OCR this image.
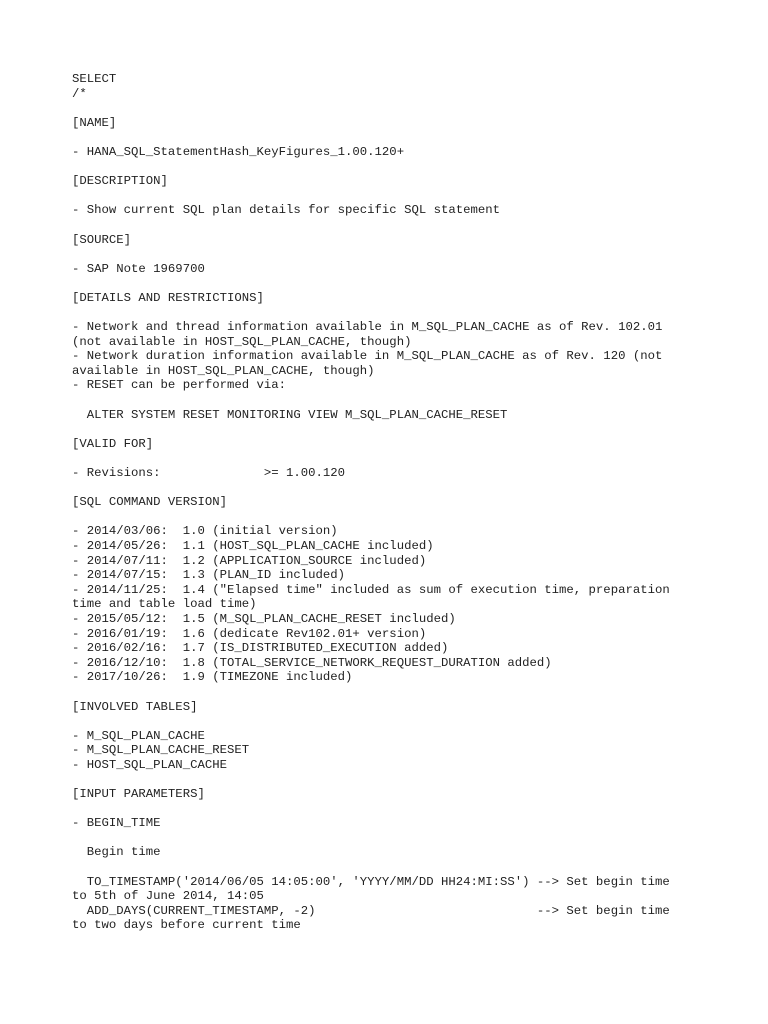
SELECT
/*
[NAME]
- HANA_SQL_StatementHash_KeyFigures_1.00.120+
[DESCRIPTION]
- Show current SQL plan details for specific SQL statement
[SOURCE]
- SAP Note 1969700
[DETAILS AND RESTRICTIONS]
- Network and thread information available in M_SQL_PLAN_CACHE as of Rev. 102.01
(not available in HOST_SQL_PLAN_CACHE, though)
- Network duration information available in M_SQL_PLAN_CACHE as of Rev. 120 (not
available in HOST_SQL_PLAN_CACHE, though)
- RESET can be performed via:
ALTER SYSTEM RESET MONITORING VIEW M_SQL_PLAN_CACHE_RESET
[VALID FOR]
- Revisions:              >= 1.00.120
[SQL COMMAND VERSION]
- 2014/03/06:  1.0 (initial version)
- 2014/05/26:  1.1 (HOST_SQL_PLAN_CACHE included)
- 2014/07/11:  1.2 (APPLICATION_SOURCE included)
- 2014/07/15:  1.3 (PLAN_ID included)
- 2014/11/25:  1.4 ("Elapsed time" included as sum of execution time, preparation
time and table load time)
- 2015/05/12:  1.5 (M_SQL_PLAN_CACHE_RESET included)
- 2016/01/19:  1.6 (dedicate Rev102.01+ version)
- 2016/02/16:  1.7 (IS_DISTRIBUTED_EXECUTION added)
- 2016/12/10:  1.8 (TOTAL_SERVICE_NETWORK_REQUEST_DURATION added)
- 2017/10/26:  1.9 (TIMEZONE included)
[INVOLVED TABLES]
- M_SQL_PLAN_CACHE
- M_SQL_PLAN_CACHE_RESET
- HOST_SQL_PLAN_CACHE
[INPUT PARAMETERS]
- BEGIN_TIME
Begin time
TO_TIMESTAMP('2014/06/05 14:05:00', 'YYYY/MM/DD HH24:MI:SS') --> Set begin time
to 5th of June 2014, 14:05
ADD_DAYS(CURRENT_TIMESTAMP, -2)                              --> Set begin time
to two days before current time
